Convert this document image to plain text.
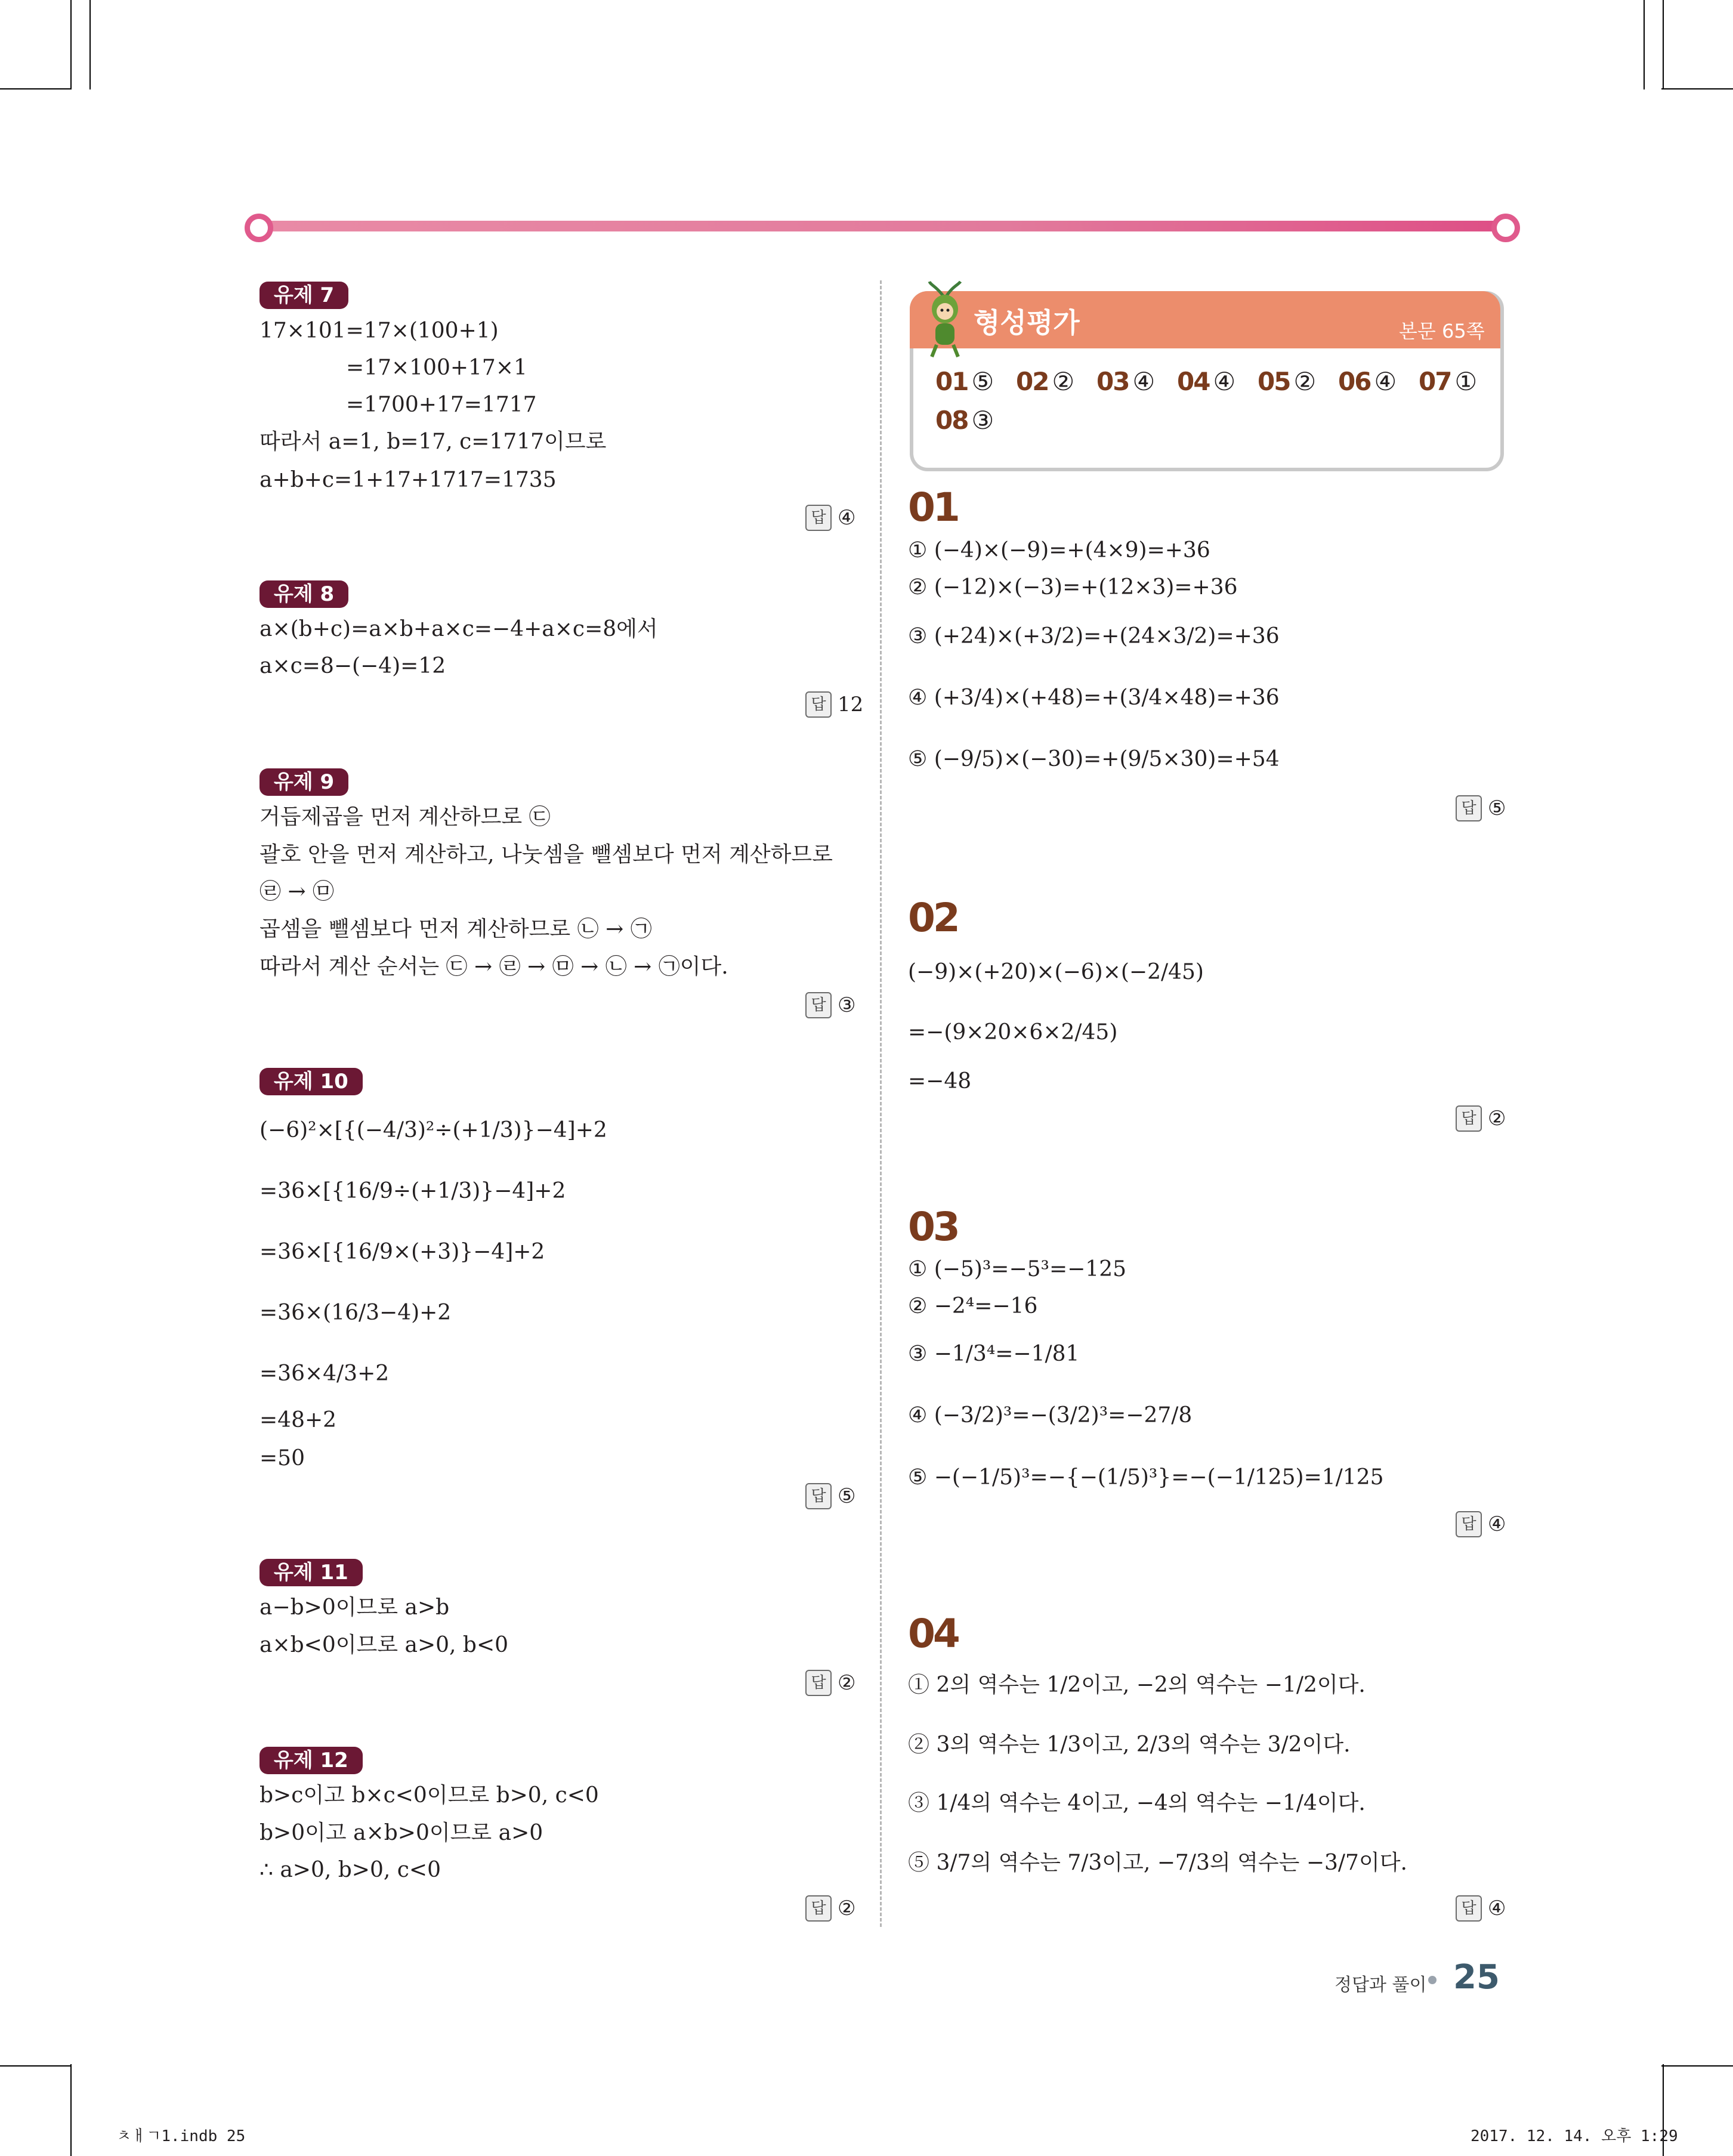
유제 7
17×101=17×(100+1)
=17×100+17×1
=1700+17=1717
따라서 a=1, b=17, c=1717이므로
a+b+c=1+17+1717=1735
답 ④
유제 8
a×(b+c)=a×b+a×c=−4+a×c=8에서
a×c=8−(−4)=12
답 12
유제 9
거듭제곱을 먼저 계산하므로 ㉢
괄호 안을 먼저 계산하고, 나눗셈을 뺄셈보다 먼저 계산하므로
㉣ → ㉤
곱셈을 뺄셈보다 먼저 계산하므로 ㉡ → ㉠
따라서 계산 순서는 ㉢ → ㉣ → ㉤ → ㉡ → ㉠이다.
답 ③
유제 10
(−6)²×[{(−4/3)²÷(+1/3)}−4]+2
=36×[{16/9÷(+1/3)}−4]+2
=36×[{16/9×(+3)}−4]+2
=36×(16/3−4)+2
=36×4/3+2
=48+2
=50
답 ⑤
유제 11
a−b>0이므로 a>b
a×b<0이므로 a>0, b<0
답 ②
유제 12
b>c이고 b×c<0이므로 b>0, c<0
b>0이고 a×b>0이므로 a>0
∴ a>0, b>0, c<0
답 ②
형성평가	본문 65쪽
01 ⑤ 02 ② 03 ④ 04 ④ 05 ② 06 ④ 07 ①
08 ③
01
① (−4)×(−9)=+(4×9)=+36
② (−12)×(−3)=+(12×3)=+36
③ (+24)×(+3/2)=+(24×3/2)=+36
④ (+3/4)×(+48)=+(3/4×48)=+36
⑤ (−9/5)×(−30)=+(9/5×30)=+54
답 ⑤
02
(−9)×(+20)×(−6)×(−2/45)
=−(9×20×6×2/45)
=−48
답 ②
03
① (−5)³=−5³=−125
② −2⁴=−16
③ −1/3⁴=−1/81
④ (−3/2)³=−(3/2)³=−27/8
⑤ −(−1/5)³=−{−(1/5)³}=−(−1/125)=1/125
답 ④
04
① 2의 역수는 1/2이고, −2의 역수는 −1/2이다.
② 3의 역수는 1/3이고, 2/3의 역수는 3/2이다.
③ 1/4의 역수는 4이고, −4의 역수는 −1/4이다.
⑤ 3/7의 역수는 7/3이고, −7/3의 역수는 −3/7이다.
답 ④
정답과 풀이 25
ㅊㅐㄱ1.indb 25	2017. 12. 14. 오후 1:29
